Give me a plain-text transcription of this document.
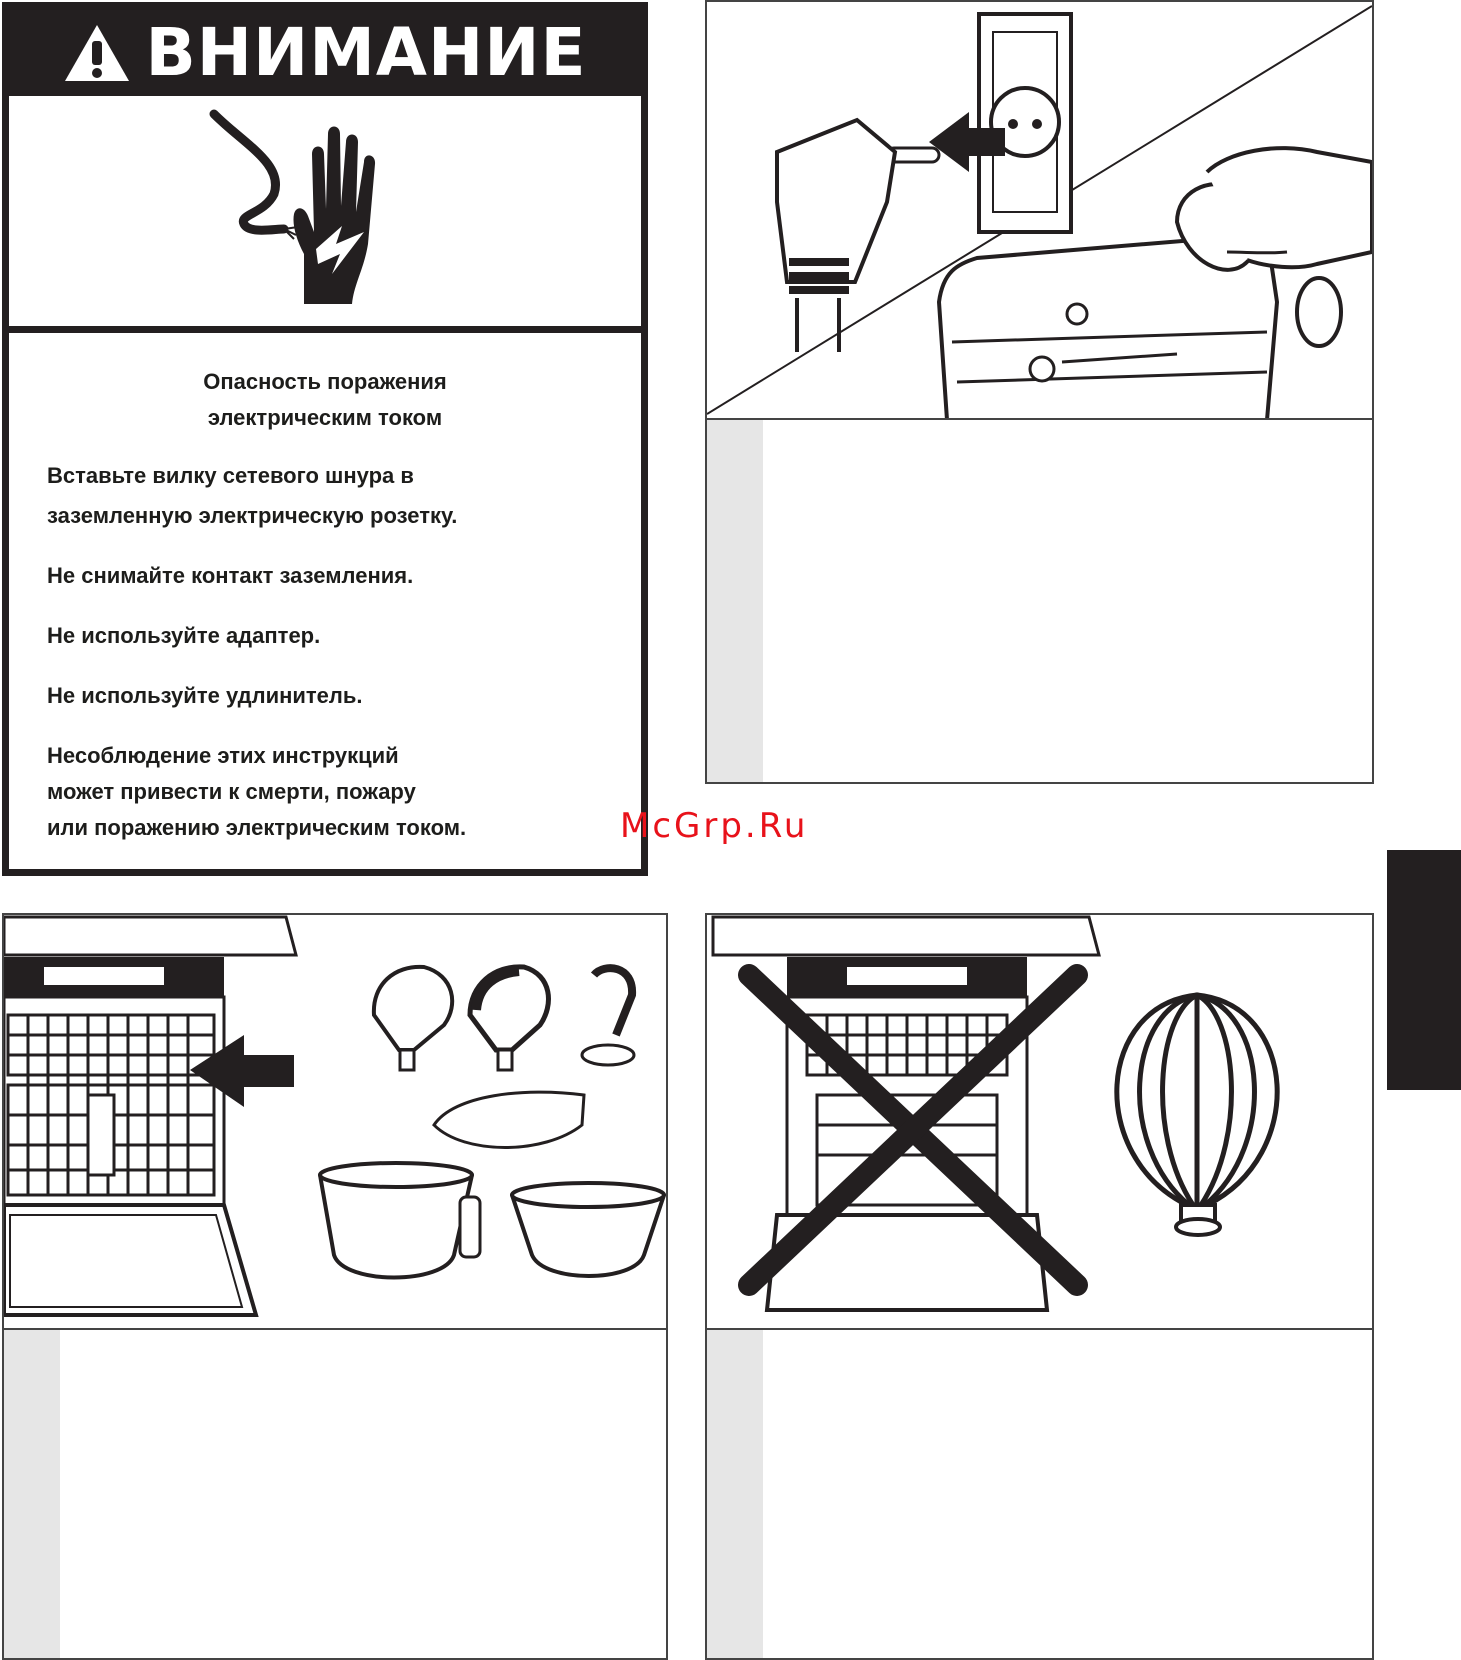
ВНИМАНИЕ
Опасность поражения
электрическим током
Вставьте вилку сетевого шнура в
заземленную электрическую розетку.
Не снимайте контакт заземления.
Не используйте адаптер.
Не используйте удлинитель.
Несоблюдение этих инструкций
может привести к смерти, пожару
или поражению электрическим током.	McGrp.Ru
